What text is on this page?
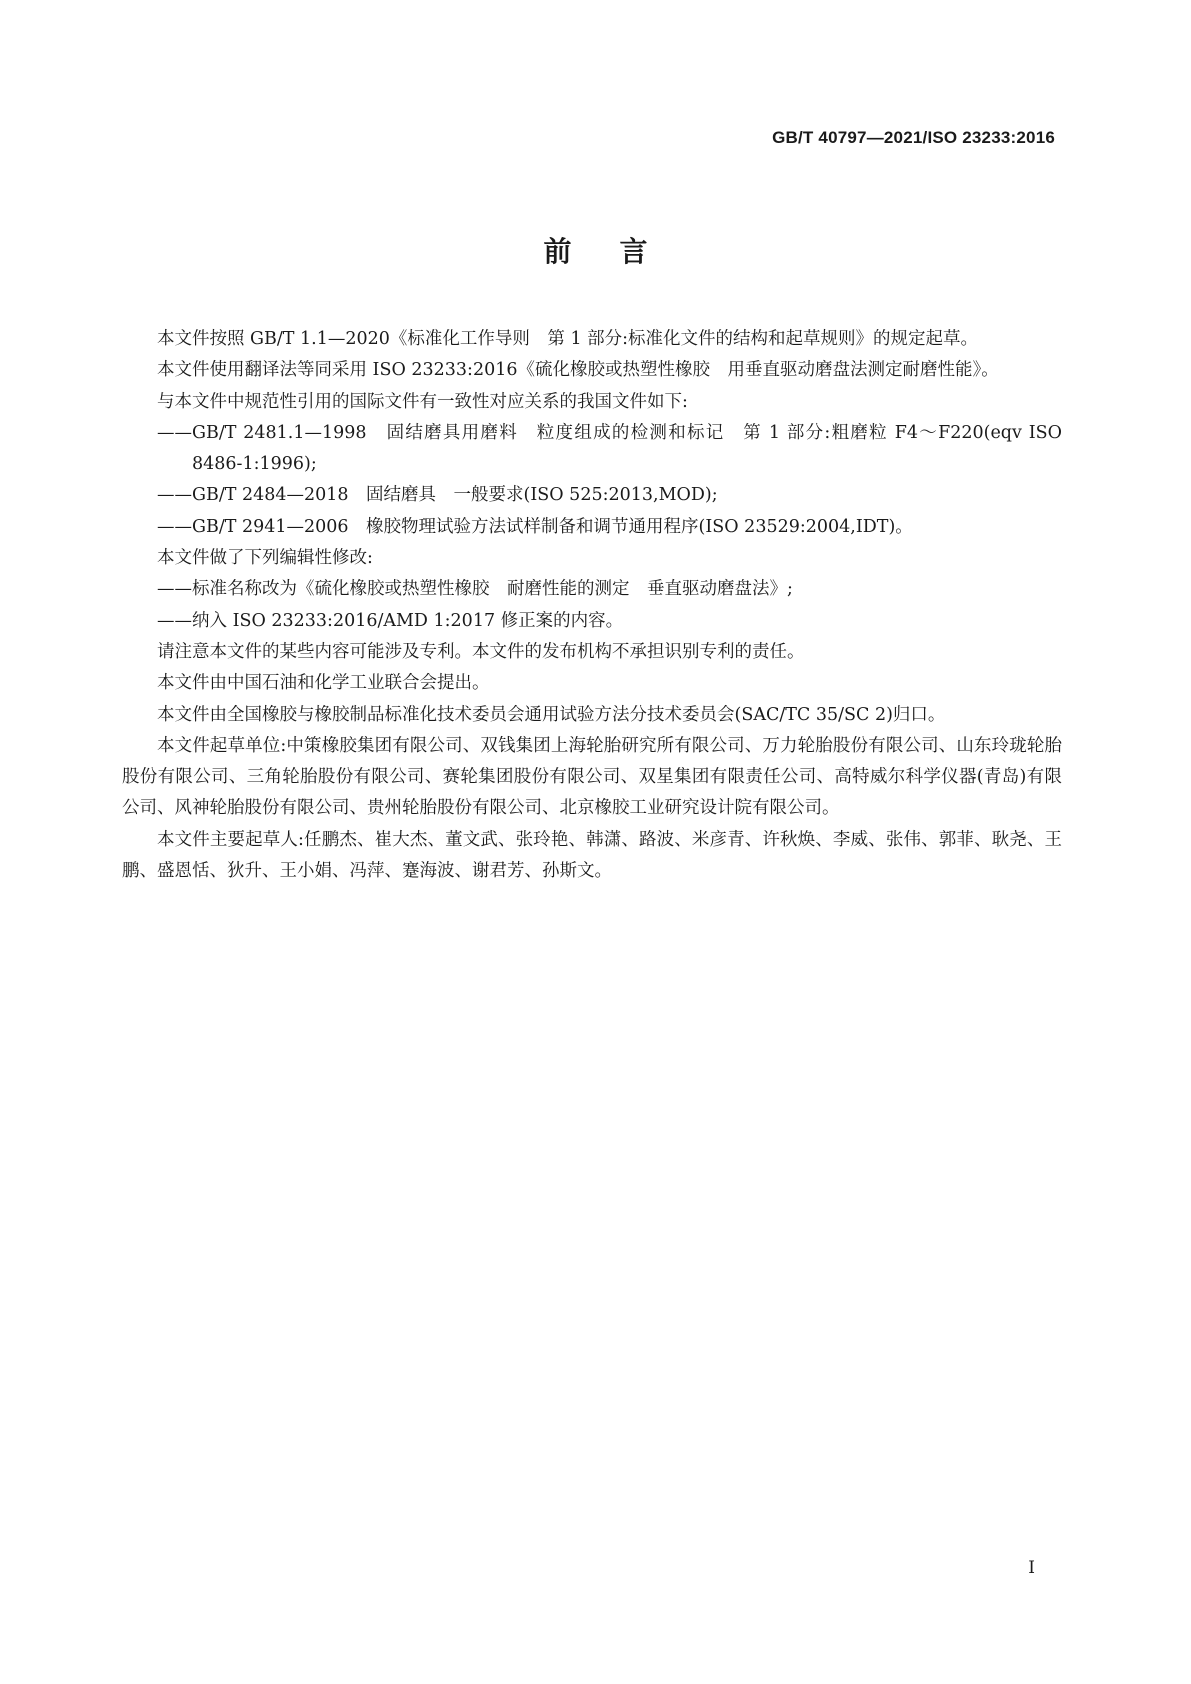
GB/T 40797—2021/ISO 23233:2016
前言

本文件按照 GB/T 1.1—2020《标准化工作导则　第 1 部分:标准化文件的结构和起草规则》的规定起草。

本文件使用翻译法等同采用 ISO 23233:2016《硫化橡胶或热塑性橡胶　用垂直驱动磨盘法测定耐磨性能》。

与本文件中规范性引用的国际文件有一致性对应关系的我国文件如下:

——GB/T 2481.1—1998　固结磨具用磨料　粒度组成的检测和标记　第 1 部分:粗磨粒 F4～F220(eqv ISO 8486-1:1996);

——GB/T 2484—2018　固结磨具　一般要求(ISO 525:2013,MOD);

——GB/T 2941—2006　橡胶物理试验方法试样制备和调节通用程序(ISO 23529:2004,IDT)。

本文件做了下列编辑性修改:

——标准名称改为《硫化橡胶或热塑性橡胶　耐磨性能的测定　垂直驱动磨盘法》;

——纳入 ISO 23233:2016/AMD 1:2017 修正案的内容。

请注意本文件的某些内容可能涉及专利。本文件的发布机构不承担识别专利的责任。

本文件由中国石油和化学工业联合会提出。

本文件由全国橡胶与橡胶制品标准化技术委员会通用试验方法分技术委员会(SAC/TC 35/SC 2)归口。

本文件起草单位:中策橡胶集团有限公司、双钱集团上海轮胎研究所有限公司、万力轮胎股份有限公司、山东玲珑轮胎股份有限公司、三角轮胎股份有限公司、赛轮集团股份有限公司、双星集团有限责任公司、高特威尔科学仪器(青岛)有限公司、风神轮胎股份有限公司、贵州轮胎股份有限公司、北京橡胶工业研究设计院有限公司。

本文件主要起草人:任鹏杰、崔大杰、董文武、张玲艳、韩潇、路波、米彦青、许秋焕、李威、张伟、郭菲、耿尧、王鹏、盛恩恬、狄升、王小娟、冯萍、蹇海波、谢君芳、孙斯文。

I
